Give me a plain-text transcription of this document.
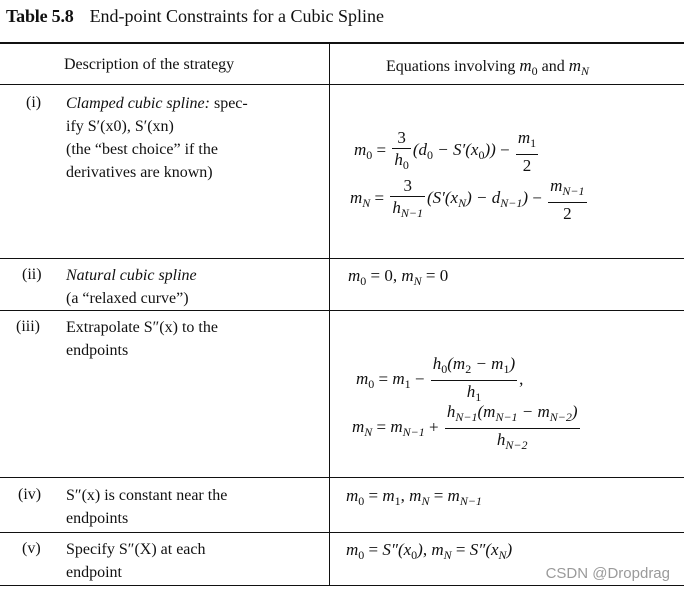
Table 5.8 End-point Constraints for a Cubic Spline
Description of the strategy	Equations involving $m_0$ and $m_N$
(i) Clamped cubic spline: spec-
ify S′(x0), S′(xn)
(the “best choice” if the
derivatives are known)
$m_0 = \frac{3}{h_0} (d_0 - S'(x_0)) - \frac{m_1}{2}$
$m_N = \frac{3}{h_{N-1}} (S'(x_N) - d_{N-1}) - \frac{m_{N-1}}{2}$
(ii) Natural cubic spline
(a “relaxed curve”)
$m_0 = 0$, $m_N = 0$
(iii) Extrapolate S″(x) to the
endpoints
$m_0 = m_1 - \frac{h_0(m_2 - m_1)}{h_1}$ ,
$m_N = m_{N-1} + \frac{h_{N-1}(m_{N-1} - m_{N-2})}{h_{N-2}}$
(iv) S″(x) is constant near the
endpoints
$m_0 = m_1$, $m_N = m_{N-1}$
(v) Specify S″(X) at each
endpoint
$m_0 = S''(x_0)$, $m_N = S''(x_N)$
CSDN @Dropdrag
